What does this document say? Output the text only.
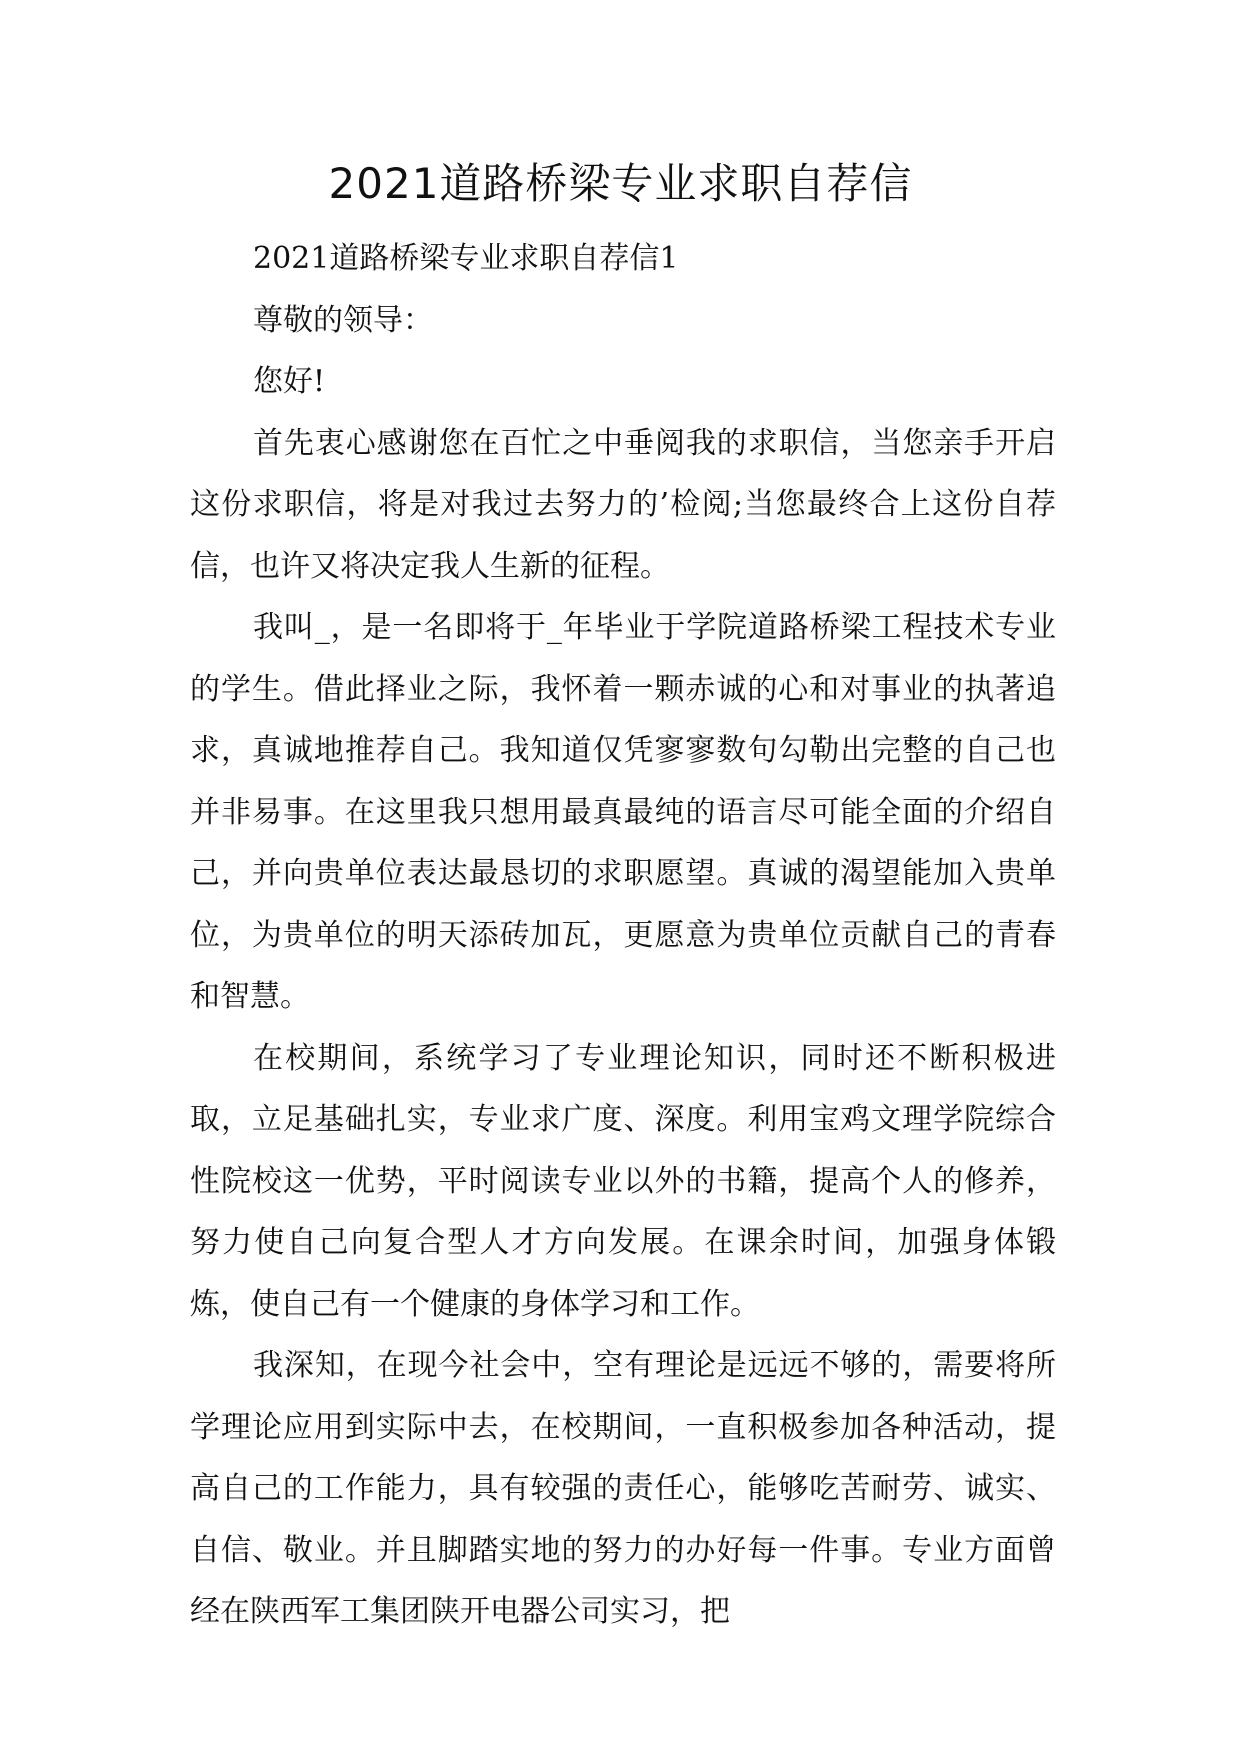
2021道路桥梁专业求职自荐信

2021道路桥梁专业求职自荐信1

尊敬的领导：

您好!

首先衷心感谢您在百忙之中垂阅我的求职信，当您亲手开启这份求职信，将是对我过去努力的’检阅;当您最终合上这份自荐信，也许又将决定我人生新的征程。

我叫_，是一名即将于_年毕业于学院道路桥梁工程技术专业的学生。借此择业之际，我怀着一颗赤诚的心和对事业的执著追求，真诚地推荐自己。我知道仅凭寥寥数句勾勒出完整的自己也并非易事。在这里我只想用最真最纯的语言尽可能全面的介绍自己，并向贵单位表达最恳切的求职愿望。真诚的渴望能加入贵单位，为贵单位的明天添砖加瓦，更愿意为贵单位贡献自己的青春和智慧。

在校期间，系统学习了专业理论知识，同时还不断积极进取，立足基础扎实，专业求广度、深度。利用宝鸡文理学院综合性院校这一优势，平时阅读专业以外的书籍，提高个人的修养，努力使自己向复合型人才方向发展。在课余时间，加强身体锻炼，使自己有一个健康的身体学习和工作。

我深知，在现今社会中，空有理论是远远不够的，需要将所学理论应用到实际中去，在校期间，一直积极参加各种活动，提高自己的工作能力，具有较强的责任心，能够吃苦耐劳、诚实、自信、敬业。并且脚踏实地的努力的办好每一件事。专业方面曾经在陕西军工集团陕开电器公司实习，把
